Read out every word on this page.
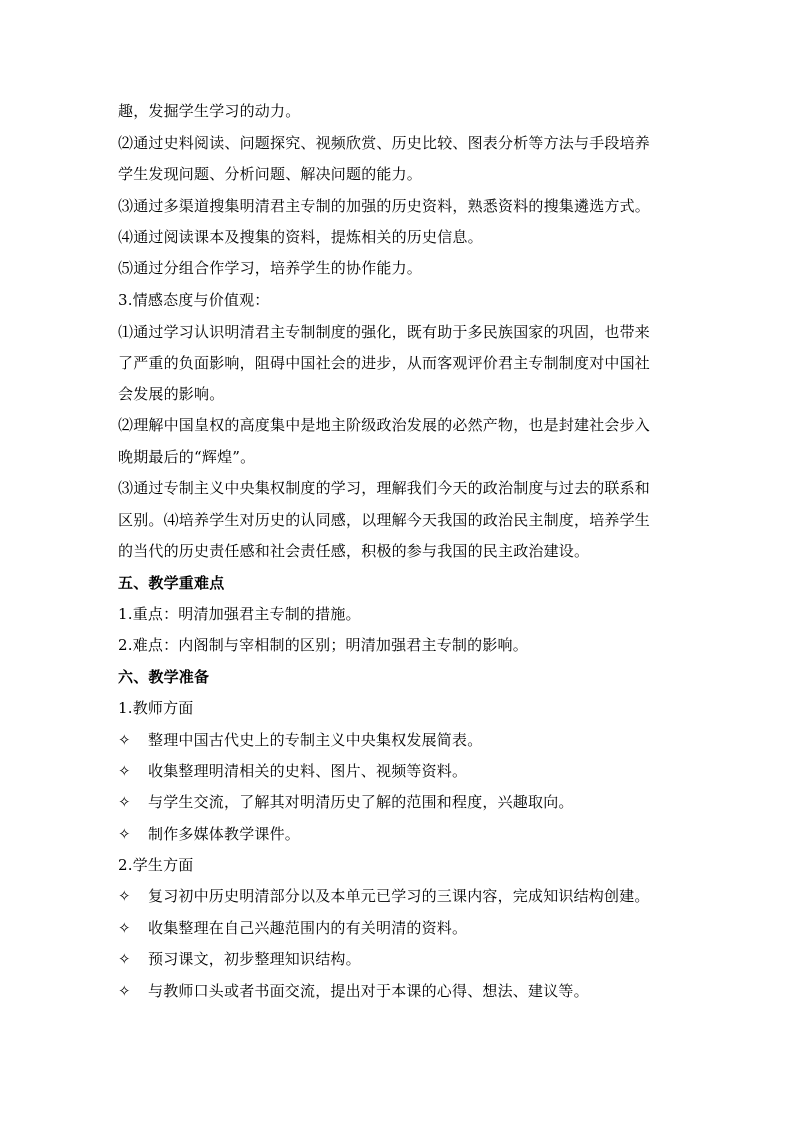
趣，发掘学生学习的动力。
⑵通过史料阅读、问题探究、视频欣赏、历史比较、图表分析等方法与手段培养
学生发现问题、分析问题、解决问题的能力。
⑶通过多渠道搜集明清君主专制的加强的历史资料，熟悉资料的搜集遴选方式。
⑷通过阅读课本及搜集的资料，提炼相关的历史信息。
⑸通过分组合作学习，培养学生的协作能力。
3.情感态度与价值观：
⑴通过学习认识明清君主专制制度的强化，既有助于多民族国家的巩固，也带来
了严重的负面影响，阻碍中国社会的进步，从而客观评价君主专制制度对中国社
会发展的影响。
⑵理解中国皇权的高度集中是地主阶级政治发展的必然产物，也是封建社会步入
晚期最后的“辉煌”。
⑶通过专制主义中央集权制度的学习，理解我们今天的政治制度与过去的联系和
区别。⑷培养学生对历史的认同感，以理解今天我国的政治民主制度，培养学生
的当代的历史责任感和社会责任感，积极的参与我国的民主政治建设。
五、教学重难点
1.重点：明清加强君主专制的措施。
2.难点：内阁制与宰相制的区别；明清加强君主专制的影响。
六、教学准备
1.教师方面
✧	整理中国古代史上的专制主义中央集权发展简表。
✧	收集整理明清相关的史料、图片、视频等资料。
✧	与学生交流，了解其对明清历史了解的范围和程度，兴趣取向。
✧	制作多媒体教学课件。
2.学生方面
✧	复习初中历史明清部分以及本单元已学习的三课内容，完成知识结构创建。
✧	收集整理在自己兴趣范围内的有关明清的资料。
✧	预习课文，初步整理知识结构。
✧	与教师口头或者书面交流，提出对于本课的心得、想法、建议等。
